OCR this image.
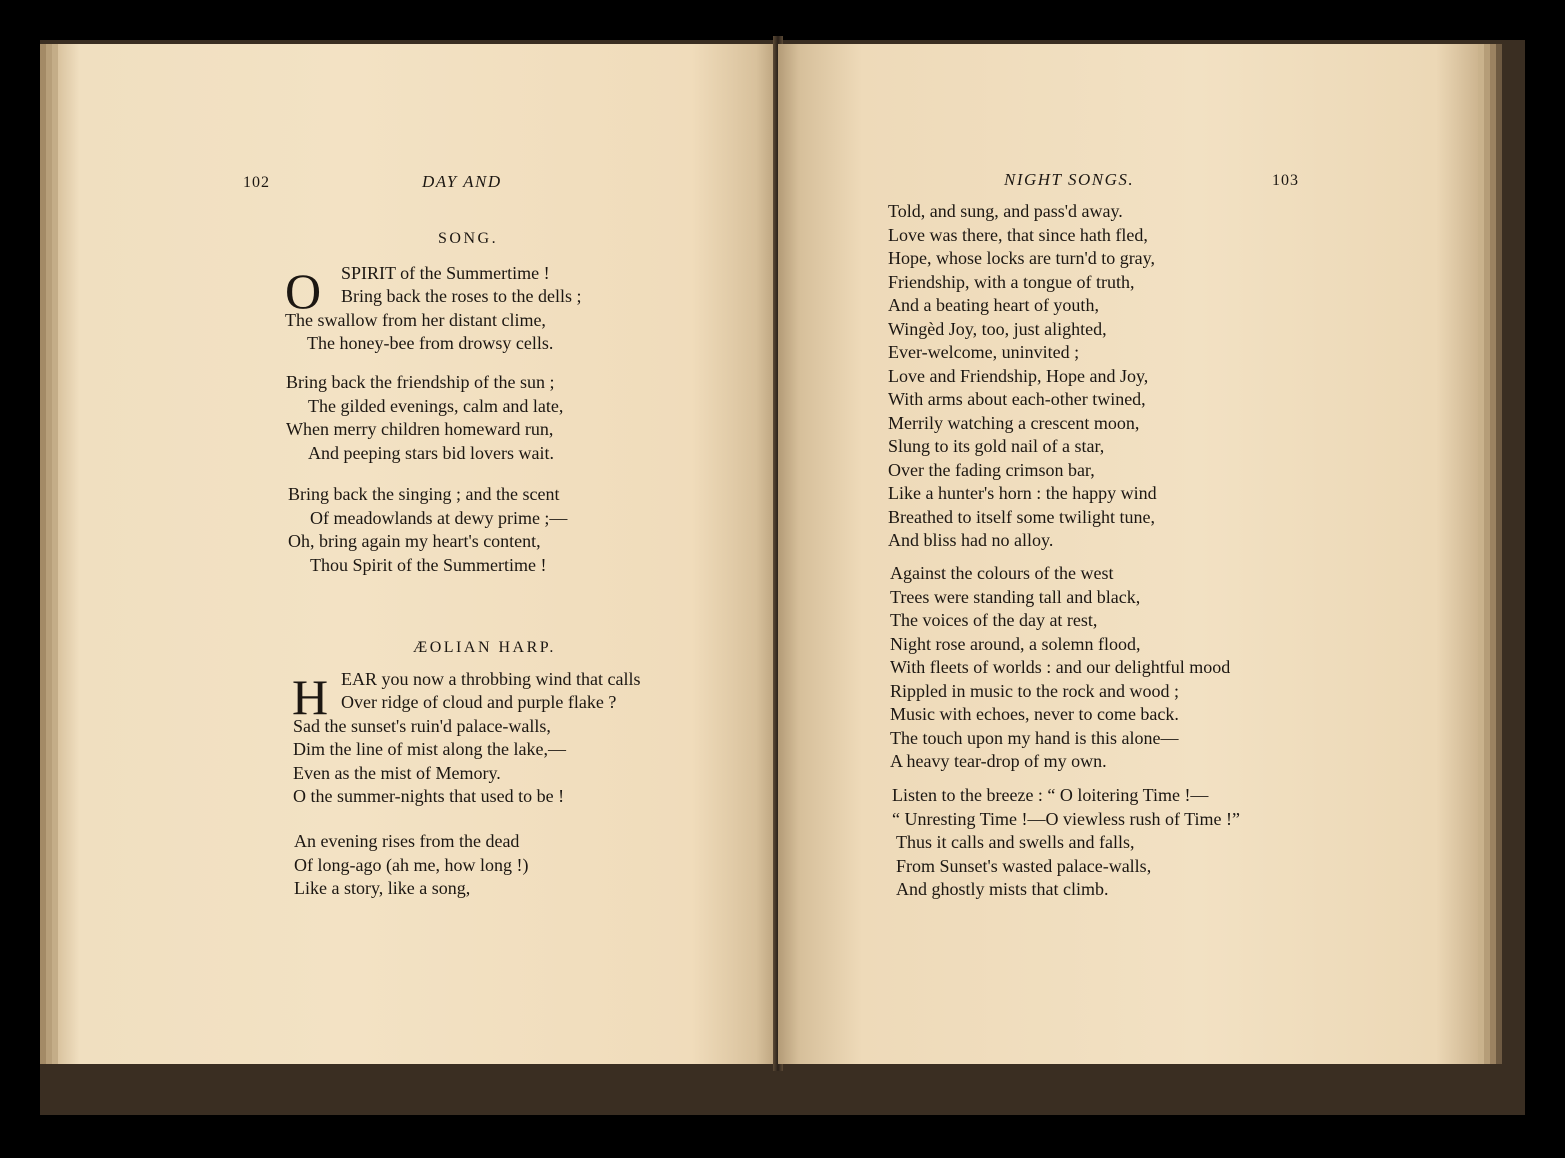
102	DAY AND
SONG.
O SPIRIT of the Summertime !
Bring back the roses to the dells ;
The swallow from her distant clime,
The honey-bee from drowsy cells.
Bring back the friendship of the sun ;
The gilded evenings, calm and late,
When merry children homeward run,
And peeping stars bid lovers wait.
Bring back the singing ; and the scent
Of meadowlands at dewy prime ;—
Oh, bring again my heart's content,
Thou Spirit of the Summertime !
ÆOLIAN HARP.
H EAR you now a throbbing wind that calls
Over ridge of cloud and purple flake ?
Sad the sunset's ruin'd palace-walls,
Dim the line of mist along the lake,—
Even as the mist of Memory.
O the summer-nights that used to be !
An evening rises from the dead
Of long-ago (ah me, how long !)
Like a story, like a song,
NIGHT SONGS.	103
Told, and sung, and pass'd away.
Love was there, that since hath fled,
Hope, whose locks are turn'd to gray,
Friendship, with a tongue of truth,
And a beating heart of youth,
Wingèd Joy, too, just alighted,
Ever-welcome, uninvited ;
Love and Friendship, Hope and Joy,
With arms about each-other twined,
Merrily watching a crescent moon,
Slung to its gold nail of a star,
Over the fading crimson bar,
Like a hunter's horn : the happy wind
Breathed to itself some twilight tune,
And bliss had no alloy.
Against the colours of the west
Trees were standing tall and black,
The voices of the day at rest,
Night rose around, a solemn flood,
With fleets of worlds : and our delightful mood
Rippled in music to the rock and wood ;
Music with echoes, never to come back.
The touch upon my hand is this alone—
A heavy tear-drop of my own.
Listen to the breeze : “ O loitering Time !—
“ Unresting Time !—O viewless rush of Time !”
Thus it calls and swells and falls,
From Sunset's wasted palace-walls,
And ghostly mists that climb.
